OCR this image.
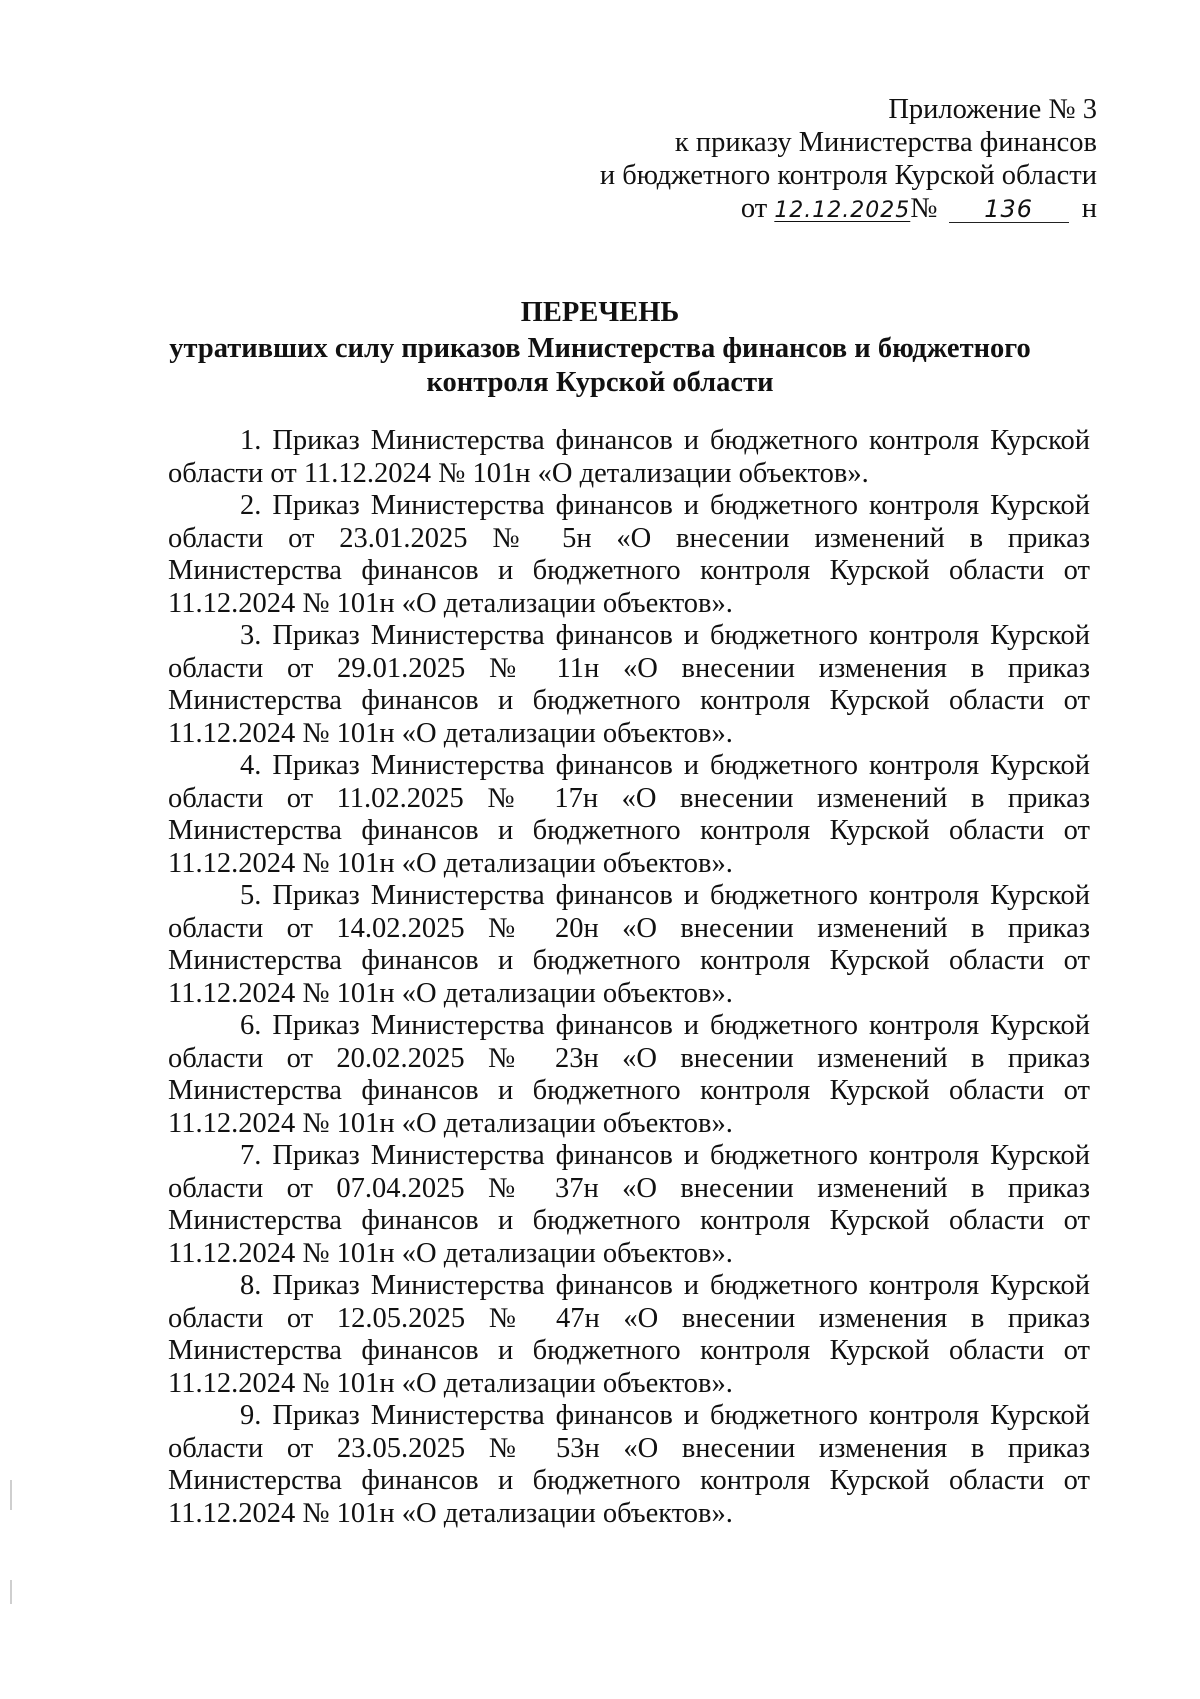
Приложение № 3
к приказу Министерства финансов
и бюджетного контроля Курской области
от 12.12.2025№ 136 н
ПЕРЕЧЕНЬ
утративших силу приказов Министерства финансов и бюджетного контроля Курской области

1. Приказ Министерства финансов и бюджетного контроля Курской области от 11.12.2024 № 101н «О детализации объектов».

2. Приказ Министерства финансов и бюджетного контроля Курской области от 23.01.2025 № 5н «О внесении изменений в приказ Министерства финансов и бюджетного контроля Курской области от 11.12.2024 № 101н «О детализации объектов».

3. Приказ Министерства финансов и бюджетного контроля Курской области от 29.01.2025 № 11н «О внесении изменения в приказ Министерства финансов и бюджетного контроля Курской области от 11.12.2024 № 101н «О детализации объектов».

4. Приказ Министерства финансов и бюджетного контроля Курской области от 11.02.2025 № 17н «О внесении изменений в приказ Министерства финансов и бюджетного контроля Курской области от 11.12.2024 № 101н «О детализации объектов».

5. Приказ Министерства финансов и бюджетного контроля Курской области от 14.02.2025 № 20н «О внесении изменений в приказ Министерства финансов и бюджетного контроля Курской области от 11.12.2024 № 101н «О детализации объектов».

6. Приказ Министерства финансов и бюджетного контроля Курской области от 20.02.2025 № 23н «О внесении изменений в приказ Министерства финансов и бюджетного контроля Курской области от 11.12.2024 № 101н «О детализации объектов».

7. Приказ Министерства финансов и бюджетного контроля Курской области от 07.04.2025 № 37н «О внесении изменений в приказ Министерства финансов и бюджетного контроля Курской области от 11.12.2024 № 101н «О детализации объектов».

8. Приказ Министерства финансов и бюджетного контроля Курской области от 12.05.2025 № 47н «О внесении изменения в приказ Министерства финансов и бюджетного контроля Курской области от 11.12.2024 № 101н «О детализации объектов».

9. Приказ Министерства финансов и бюджетного контроля Курской области от 23.05.2025 № 53н «О внесении изменения в приказ Министерства финансов и бюджетного контроля Курской области от 11.12.2024 № 101н «О детализации объектов».
